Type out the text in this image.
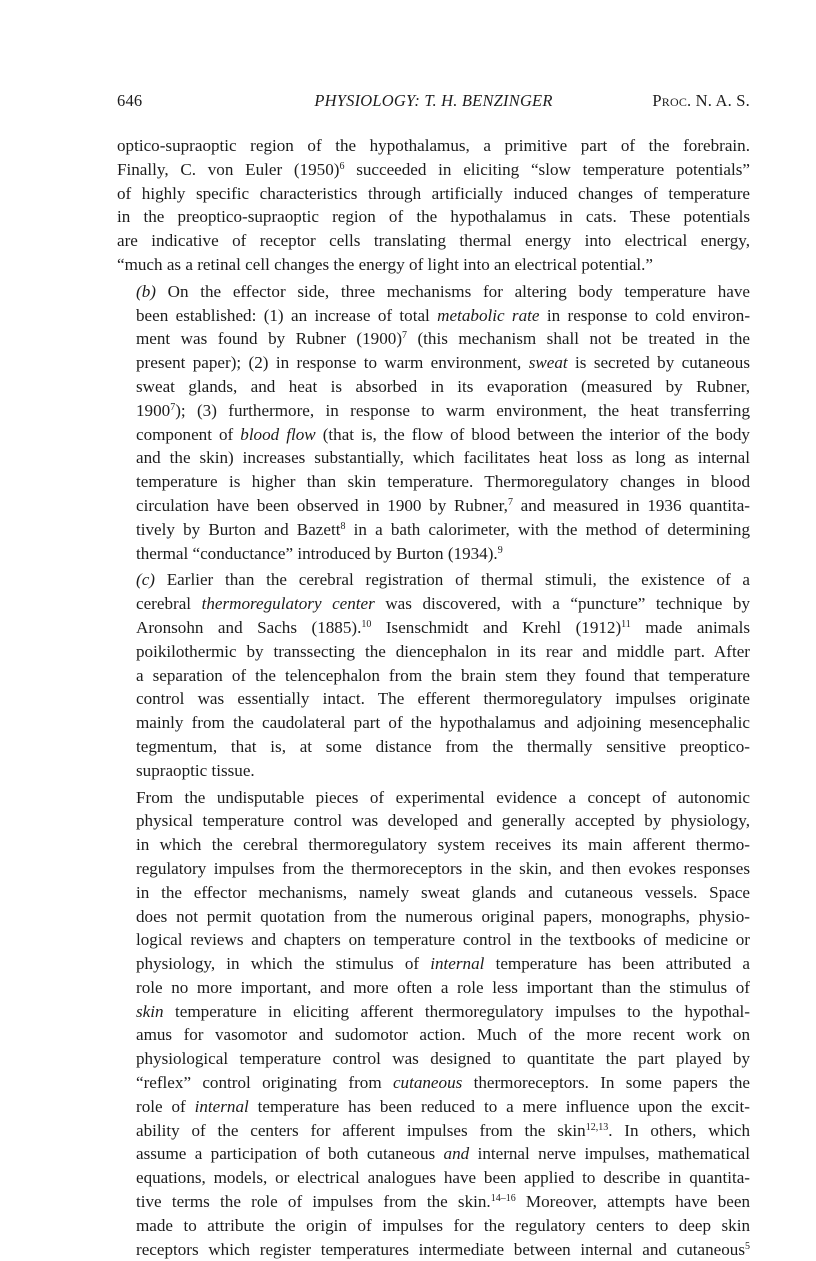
646	PHYSIOLOGY: T. H. BENZINGER	Proc. N. A. S.

optico-supraoptic region of the hypothalamus, a primitive part of the forebrain.
Finally, C. von Euler $(1950)^6$ succeeded in eliciting “slow temperature potentials”
of highly specific characteristics through artificially induced changes of temperature
in the preoptico-supraoptic region of the hypothalamus in cats. These potentials
are indicative of receptor cells translating thermal energy into electrical energy,
“much as a retinal cell changes the energy of light into an electrical potential.”

(b) On the effector side, three mechanisms for altering body temperature have
been established: (1) an increase of total metabolic rate in response to cold environ-
ment was found by Rubner $(1900)^7$ (this mechanism shall not be treated in the
present paper); (2) in response to warm environment, sweat is secreted by cutaneous
sweat glands, and heat is absorbed in its evaporation (measured by Rubner,
1900$^7$); (3) furthermore, in response to warm environment, the heat transferring
component of blood flow (that is, the flow of blood between the interior of the body
and the skin) increases substantially, which facilitates heat loss as long as internal
temperature is higher than skin temperature. Thermoregulatory changes in blood
circulation have been observed in 1900 by Rubner,$^7$ and measured in 1936 quantita-
tively by Burton and Bazett$^8$ in a bath calorimeter, with the method of determining
thermal “conductance” introduced by Burton (1934).$^9$

(c) Earlier than the cerebral registration of thermal stimuli, the existence of a
cerebral thermoregulatory center was discovered, with a “puncture” technique by
Aronsohn and Sachs (1885).$^{10}$ Isenschmidt and Krehl $(1912)^{11}$ made animals
poikilothermic by transsecting the diencephalon in its rear and middle part. After
a separation of the telencephalon from the brain stem they found that temperature
control was essentially intact. The efferent thermoregulatory impulses originate
mainly from the caudolateral part of the hypothalamus and adjoining mesencephalic
tegmentum, that is, at some distance from the thermally sensitive preoptico-
supraoptic tissue.

From the undisputable pieces of experimental evidence a concept of autonomic
physical temperature control was developed and generally accepted by physiology,
in which the cerebral thermoregulatory system receives its main afferent thermo-
regulatory impulses from the thermoreceptors in the skin, and then evokes responses
in the effector mechanisms, namely sweat glands and cutaneous vessels. Space
does not permit quotation from the numerous original papers, monographs, physio-
logical reviews and chapters on temperature control in the textbooks of medicine or
physiology, in which the stimulus of internal temperature has been attributed a
role no more important, and more often a role less important than the stimulus of
skin temperature in eliciting afferent thermoregulatory impulses to the hypothal-
amus for vasomotor and sudomotor action. Much of the more recent work on
physiological temperature control was designed to quantitate the part played by
“reflex” control originating from cutaneous thermoreceptors. In some papers the
role of internal temperature has been reduced to a mere influence upon the excit-
ability of the centers for afferent impulses from the skin$^{12,13}$. In others, which
assume a participation of both cutaneous and internal nerve impulses, mathematical
equations, models, or electrical analogues have been applied to describe in quantita-
tive terms the role of impulses from the skin.$^{14-16}$ Moreover, attempts have been
made to attribute the origin of impulses for the regulatory centers to deep skin
receptors which register temperatures intermediate between internal and cutaneous$^5$
